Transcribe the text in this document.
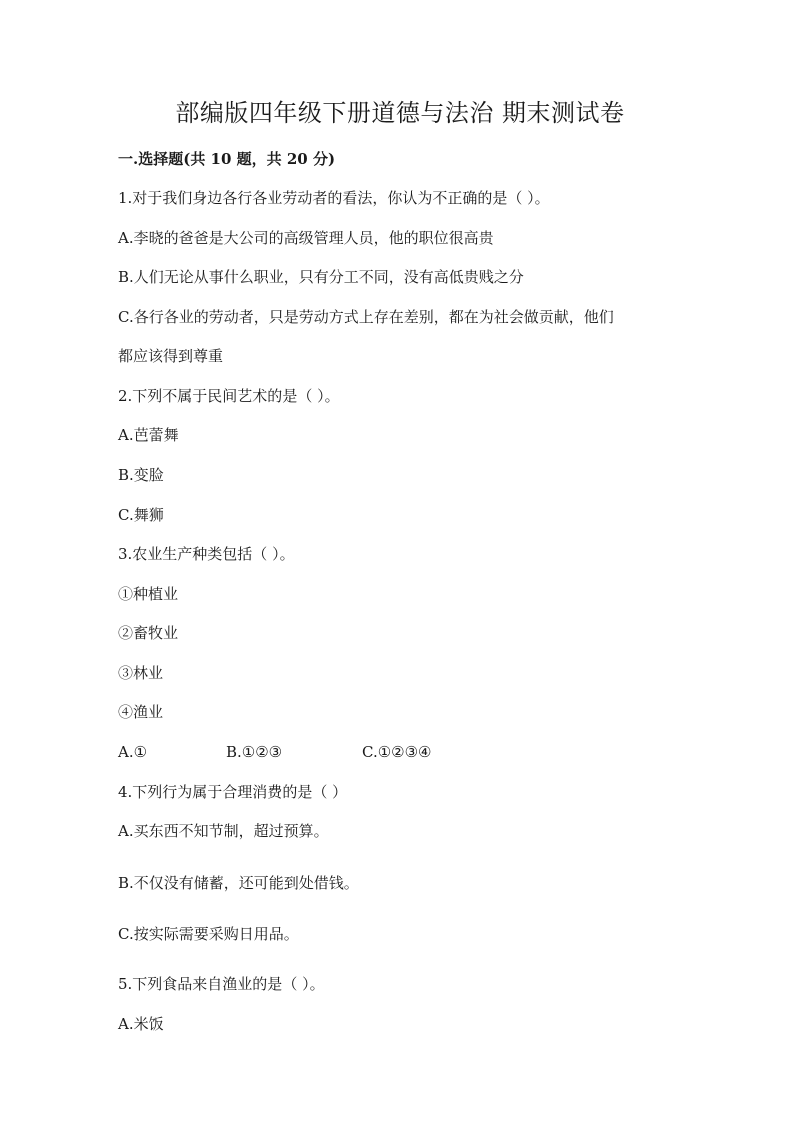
部编版四年级下册道德与法治 期末测试卷
一.选择题(共 10 题，共 20 分)
1.对于我们身边各行各业劳动者的看法，你认为不正确的是（ ）。
A.李晓的爸爸是大公司的高级管理人员，他的职位很高贵
B.人们无论从事什么职业，只有分工不同，没有高低贵贱之分
C.各行各业的劳动者，只是劳动方式上存在差别，都在为社会做贡献，他们
都应该得到尊重
2.下列不属于民间艺术的是（ ）。
A.芭蕾舞
B.变脸
C.舞狮
3.农业生产种类包括（ ）。
①种植业
②畜牧业
③林业
④渔业
A.①	B.①②③	C.①②③④
4.下列行为属于合理消费的是（ ）
A.买东西不知节制，超过预算。
B.不仅没有储蓄，还可能到处借钱。
C.按实际需要采购日用品。
5.下列食品来自渔业的是（ ）。
A.米饭
